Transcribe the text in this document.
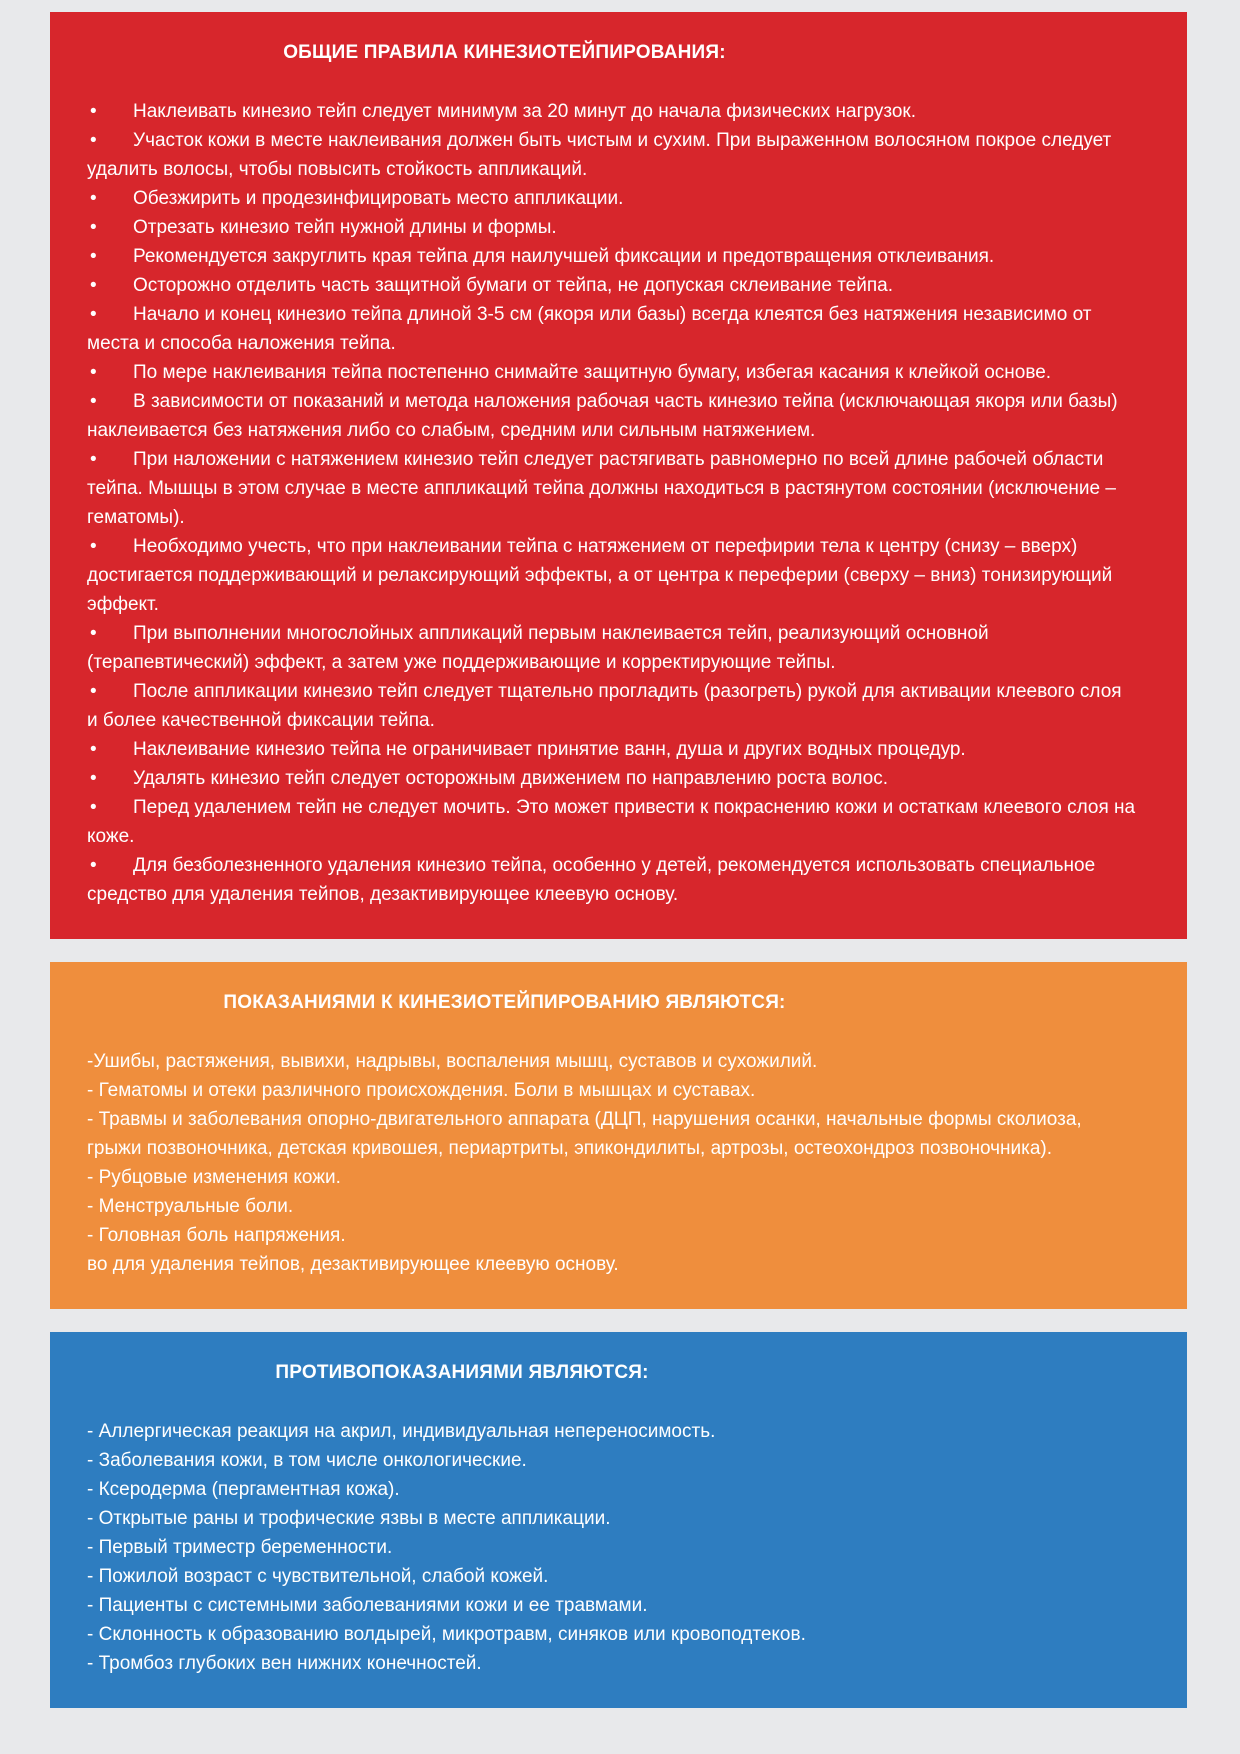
ОБЩИЕ ПРАВИЛА КИНЕЗИОТЕЙПИРОВАНИЯ:

• Наклеивать кинезио тейп следует минимум за 20 минут до начала физических нагрузок.

• Участок кожи в месте наклеивания должен быть чистым и сухим. При выраженном волосяном покрое следует удалить волосы, чтобы повысить стойкость аппликаций.

• Обезжирить и продезинфицировать место аппликации.

• Отрезать кинезио тейп нужной длины и формы.

• Рекомендуется закруглить края тейпа для наилучшей фиксации и предотвращения отклеивания.

• Осторожно отделить часть защитной бумаги от тейпа, не допуская склеивание тейпа.

• Начало и конец кинезио тейпа длиной 3-5 см (якоря или базы) всегда клеятся без натяжения независимо от места и способа наложения тейпа.

• По мере наклеивания тейпа постепенно снимайте защитную бумагу, избегая касания к клейкой основе.

• В зависимости от показаний и метода наложения рабочая часть кинезио тейпа (исключающая якоря или базы) наклеивается без натяжения либо со слабым, средним или сильным натяжением.

• При наложении с натяжением кинезио тейп следует растягивать равномерно по всей длине рабочей области тейпа. Мышцы в этом случае в месте аппликаций тейпа должны находиться в растянутом состоянии (исключение – гематомы).

• Необходимо учесть, что при наклеивании тейпа с натяжением от перефирии тела к центру (снизу – вверх) достигается поддерживающий и релаксирующий эффекты, а от центра к переферии (сверху – вниз) тонизирующий эффект.

• При выполнении многослойных аппликаций первым наклеивается тейп, реализующий основной (терапевтический) эффект, а затем уже поддерживающие и корректирующие тейпы.

• После аппликации кинезио тейп следует тщательно прогладить (разогреть) рукой для активации клеевого слоя и более качественной фиксации тейпа.

• Наклеивание кинезио тейпа не ограничивает принятие ванн, душа и других водных процедур.

• Удалять кинезио тейп следует осторожным движением по направлению роста волос.

• Перед удалением тейп не следует мочить. Это может привести к покраснению кожи и остаткам клеевого слоя на коже.

• Для безболезненного удаления кинезио тейпа, особенно у детей, рекомендуется использовать специальное средство для удаления тейпов, дезактивирующее клеевую основу.

ПОКАЗАНИЯМИ К КИНЕЗИОТЕЙПИРОВАНИЮ ЯВЛЯЮТСЯ:

-Ушибы, растяжения, вывихи, надрывы, воспаления мышц, суставов и сухожилий.

- Гематомы и отеки различного происхождения. Боли в мышцах и суставах.

- Травмы и заболевания опорно-двигательного аппарата (ДЦП, нарушения осанки, начальные формы сколиоза, грыжи позвоночника, детская кривошея, периартриты, эпикондилиты, артрозы, остеохондроз позвоночника).

- Рубцовые изменения кожи.

- Менструальные боли.

- Головная боль напряжения.

во для удаления тейпов, дезактивирующее клеевую основу.

ПРОТИВОПОКАЗАНИЯМИ ЯВЛЯЮТСЯ:

- Аллергическая реакция на акрил, индивидуальная непереносимость.

- Заболевания кожи, в том числе онкологические.

- Ксеродерма (пергаментная кожа).

- Открытые раны и трофические язвы в месте аппликации.

- Первый триместр беременности.

- Пожилой возраст с чувствительной, слабой кожей.

- Пациенты с системными заболеваниями кожи и ее травмами.

- Склонность к образованию волдырей, микротравм, синяков или кровоподтеков.

- Тромбоз глубоких вен нижних конечностей.
